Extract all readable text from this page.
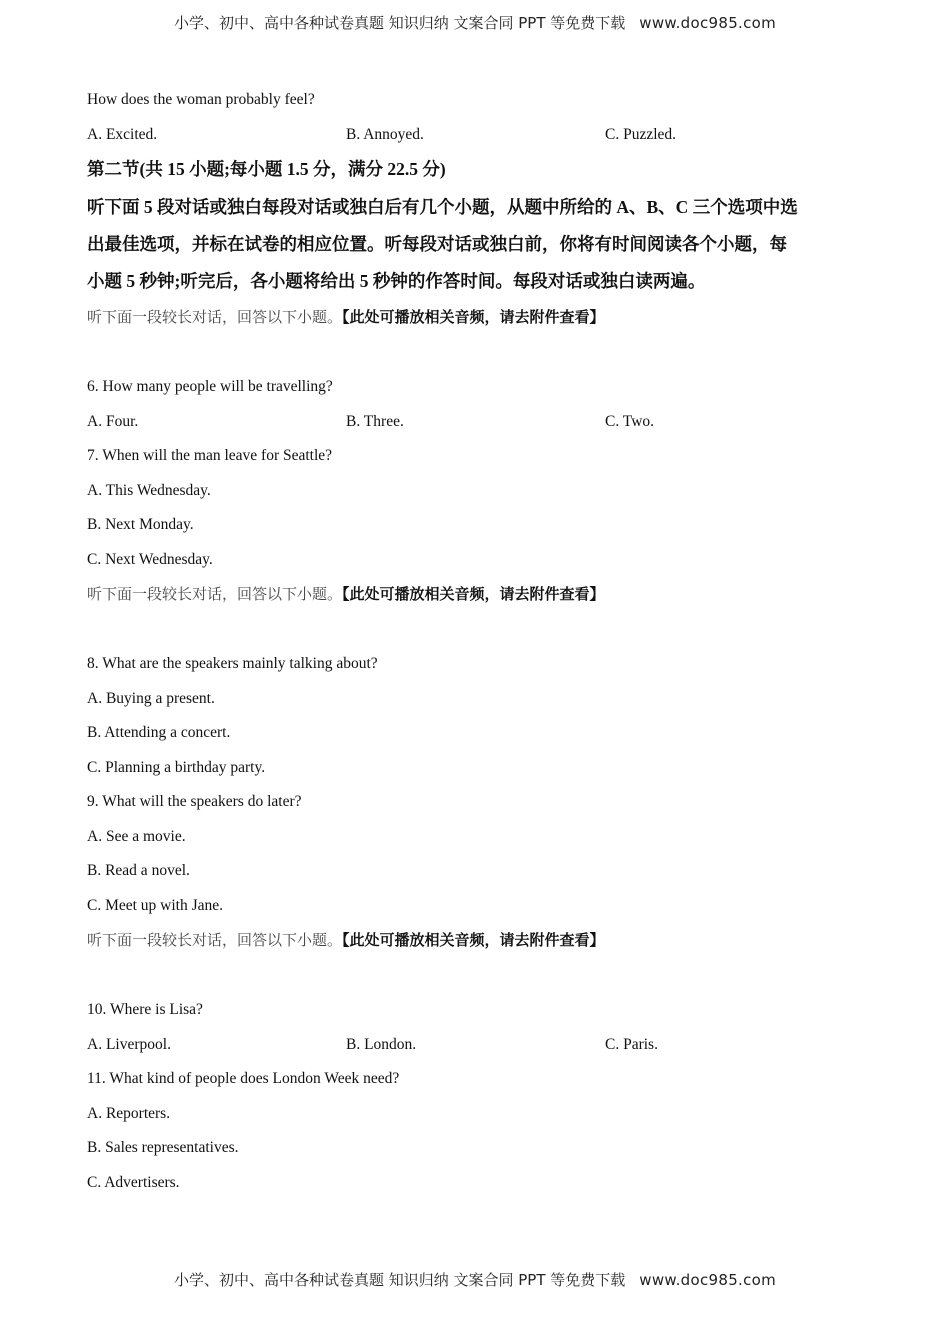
小学、初中、高中各种试卷真题 知识归纳 文案合同 PPT 等免费下载 www.doc985.com
How does the woman probably feel?
A. Excited.	B. Annoyed.	C. Puzzled.
第二节(共 15 小题;每小题 1.5 分，满分 22.5 分)
听下面 5 段对话或独白每段对话或独白后有几个小题，从题中所给的 A、B、C 三个选项中选
出最佳选项，并标在试卷的相应位置。听每段对话或独白前，你将有时间阅读各个小题，每
小题 5 秒钟;听完后，各小题将给出 5 秒钟的作答时间。每段对话或独白读两遍。
听下面一段较长对话，回答以下小题。【此处可播放相关音频，请去附件查看】
6. How many people will be travelling?
A. Four.	B. Three.	C. Two.
7. When will the man leave for Seattle?
A. This Wednesday.
B. Next Monday.
C. Next Wednesday.
听下面一段较长对话，回答以下小题。【此处可播放相关音频，请去附件查看】
8. What are the speakers mainly talking about?
A. Buying a present.
B. Attending a concert.
C. Planning a birthday party.
9. What will the speakers do later?
A. See a movie.
B. Read a novel.
C. Meet up with Jane.
听下面一段较长对话，回答以下小题。【此处可播放相关音频，请去附件查看】
10. Where is Lisa?
A. Liverpool.	B. London.	C. Paris.
11. What kind of people does London Week need?
A. Reporters.
B. Sales representatives.
C. Advertisers.
小学、初中、高中各种试卷真题 知识归纳 文案合同 PPT 等免费下载 www.doc985.com
